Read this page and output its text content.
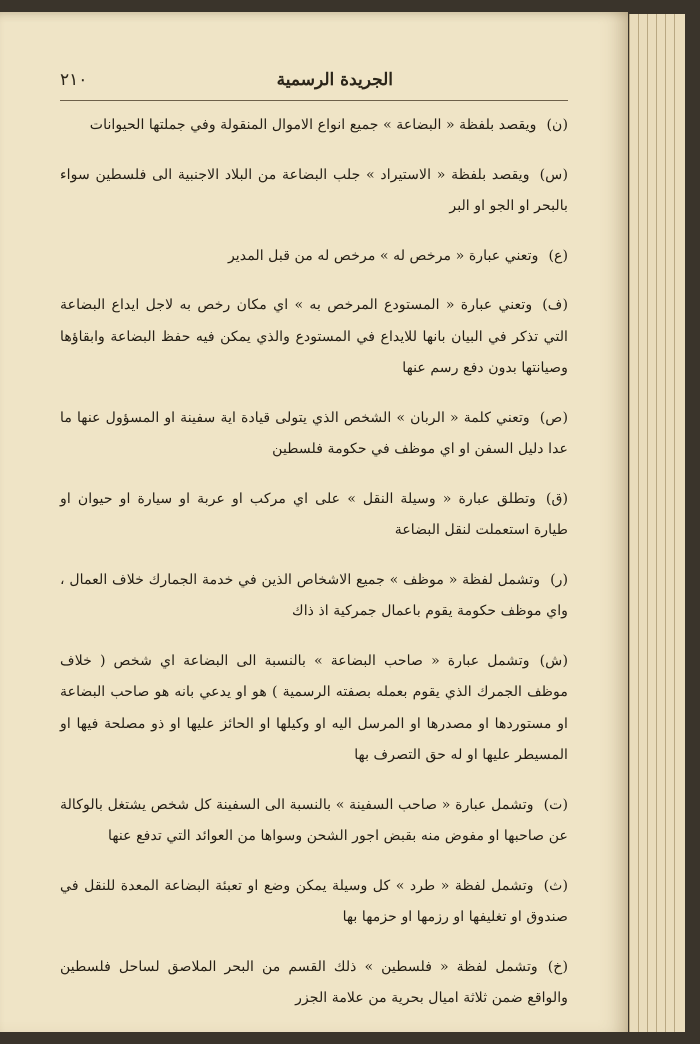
الجريدة الرسمية
٢١٠

(ن)ويقصد بلفظة « البضاعة » جميع انواع الاموال المنقولة وفي جملتها الحيوانات

(س)ويقصد بلفظة « الاستيراد » جلب البضاعة من البلاد الاجنبية الى فلسطين سواء بالبحر او الجو او البر

(ع)وتعني عبارة « مرخص له » مرخص له من قبل المدير

(ف)وتعني عبارة « المستودع المرخص به » اي مكان رخص به لاجل ايداع البضاعة التي تذكر في البيان بانها للايداع في المستودع والذي يمكن فيه حفظ البضاعة وابقاؤها وصيانتها بدون دفع رسم عنها

(ص)وتعني كلمة « الربان » الشخص الذي يتولى قيادة اية سفينة او المسؤول عنها ما عدا دليل السفن او اي موظف في حكومة فلسطين

(ق)وتطلق عبارة « وسيلة النقل » على اي مركب او عربة او سيارة او حيوان او طيارة استعملت لنقل البضاعة

(ر)وتشمل لفظة « موظف » جميع الاشخاص الذين في خدمة الجمارك خلاف العمال ، واي موظف حكومة يقوم باعمال جمركية اذ ذاك

(ش)وتشمل عبارة « صاحب البضاعة » بالنسبة الى البضاعة اي شخص ( خلاف موظف الجمرك الذي يقوم بعمله بصفته الرسمية ) هو او يدعي بانه هو صاحب البضاعة او مستوردها او مصدرها او المرسل اليه او وكيلها او الحائز عليها او ذو مصلحة فيها او المسيطر عليها او له حق التصرف بها

(ت)وتشمل عبارة « صاحب السفينة » بالنسبة الى السفينة كل شخص يشتغل بالوكالة عن صاحبها او مفوض منه بقبض اجور الشحن وسواها من العوائد التي تدفع عنها

(ث)وتشمل لفظة « طرد » كل وسيلة يمكن وضع او تعبئة البضاعة المعدة للنقل في صندوق او تغليفها او رزمها او حزمها بها

(خ)وتشمل لفظة « فلسطين » ذلك القسم من البحر الملاصق لساحل فلسطين والواقع ضمن ثلاثة اميال بحرية من علامة الجزر
